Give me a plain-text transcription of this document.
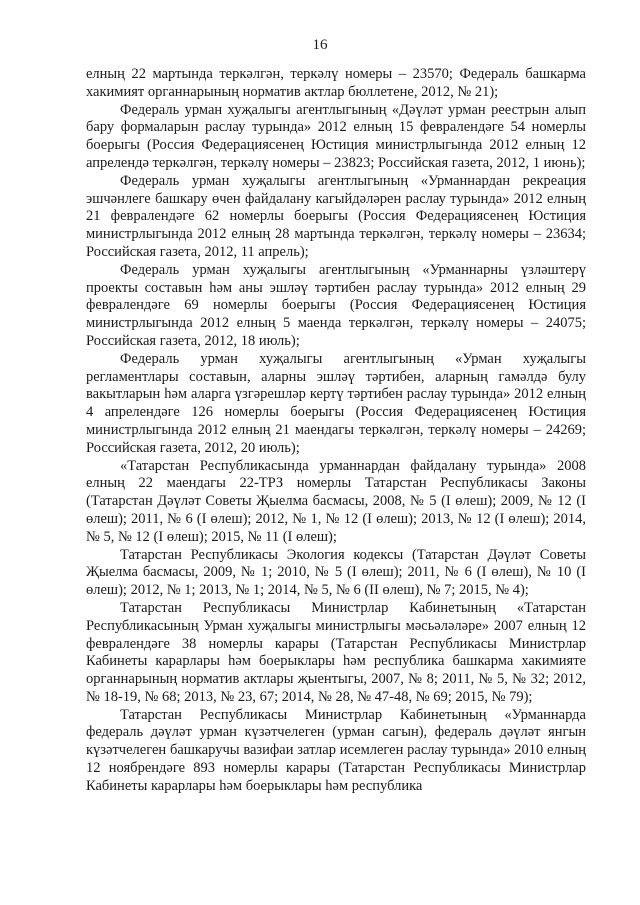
16

елның 22 мартында теркәлгән, теркәлү номеры – 23570; Федераль башкарма хакимият органнарының норматив актлар бюллетене, 2012, № 21);

Федераль урман хуҗалыгы агентлыгының «Дәүләт урман реестрын алып бару формаларын раслау турында» 2012 елның 15 февралендәге 54 номерлы боерыгы (Россия Федерациясенең Юстиция министрлыгында 2012 елның 12 апрелендә теркәлгән, теркәлү номеры – 23823; Российская газета, 2012, 1 июнь);

Федераль урман хуҗалыгы агентлыгының «Урманнардан рекреация эшчәнлеге башкару өчен файдалану кагыйдәләрен раслау турында» 2012 елның 21 февралендәге 62 номерлы боерыгы (Россия Федерациясенең Юстиция министрлыгында 2012 елның 28 мартында теркәлгән, теркәлү номеры – 23634; Российская газета, 2012, 11 апрель);

Федераль урман хуҗалыгы агентлыгының «Урманнарны үзләштерү проекты составын һәм аны эшләү тәртибен раслау турында» 2012 елның 29 февралендәге 69 номерлы боерыгы (Россия Федерациясенең Юстиция министрлыгында 2012 елның 5 маенда теркәлгән, теркәлү номеры – 24075; Российская газета, 2012, 18 июль);

Федераль урман хуҗалыгы агентлыгының «Урман хуҗалыгы регламентлары составын, аларны эшләү тәртибен, аларның гамәлдә булу вакытларын һәм аларга үзгәрешләр кертү тәртибен раслау турында» 2012 елның 4 апрелендәге 126 номерлы боерыгы (Россия Федерациясенең Юстиция министрлыгында 2012 елның 21 маендагы теркәлгән, теркәлү номеры – 24269; Российская газета, 2012, 20 июль);

«Татарстан Республикасында урманнардан файдалану турында» 2008 елның 22 маендагы 22-ТРЗ номерлы Татарстан Республикасы Законы (Татарстан Дәүләт Советы Җыелма басмасы, 2008, № 5 (I өлеш); 2009, № 12 (I өлеш); 2011, № 6 (I өлеш); 2012, № 1, № 12 (I өлеш); 2013, № 12 (I өлеш); 2014, № 5, № 12 (I өлеш); 2015, № 11 (I өлеш);

Татарстан Республикасы Экология кодексы (Татарстан Дәүләт Советы Җыелма басмасы, 2009, № 1; 2010, № 5 (I өлеш); 2011, № 6 (I өлеш), № 10 (I өлеш); 2012, № 1; 2013, № 1; 2014, № 5, № 6 (II өлеш), № 7; 2015, № 4);

Татарстан Республикасы Министрлар Кабинетының «Татарстан Республикасының Урман хуҗалыгы министрлыгы мәсьәләләре» 2007 елның 12 февралендәге 38 номерлы карары (Татарстан Республикасы Министрлар Кабинеты карарлары һәм боерыклары һәм республика башкарма хакимияте органнарының норматив актлары җыентыгы, 2007, № 8; 2011, № 5, № 32; 2012, № 18-19, № 68; 2013, № 23, 67; 2014, № 28, № 47-48, № 69; 2015, № 79);

Татарстан Республикасы Министрлар Кабинетының «Урманнарда федераль дәүләт урман күзәтчелеген (урман сагын), федераль дәүләт янгын күзәтчелеген башкаручы вазифаи затлар исемлеген раслау турында» 2010 елның 12 ноябрендәге 893 номерлы карары (Татарстан Республикасы Министрлар Кабинеты карарлары һәм боерыклары һәм республика
